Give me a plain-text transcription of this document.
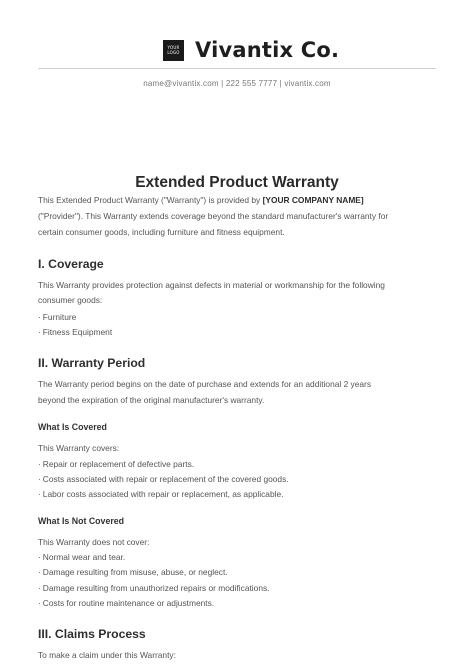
YOUR
LOGO Vivantix Co.
name@vivantix.com | 222 555 7777 | vivantix.com
Extended Product Warranty
This Extended Product Warranty ("Warranty") is provided by [YOUR COMPANY NAME]
("Provider"). This Warranty extends coverage beyond the standard manufacturer's warranty for
certain consumer goods, including furniture and fitness equipment.
I. Coverage
This Warranty provides protection against defects in material or workmanship for the following
consumer goods:
· Furniture
· Fitness Equipment
II. Warranty Period
The Warranty period begins on the date of purchase and extends for an additional 2 years
beyond the expiration of the original manufacturer's warranty.
What Is Covered
This Warranty covers:
· Repair or replacement of defective parts.
· Costs associated with repair or replacement of the covered goods.
· Labor costs associated with repair or replacement, as applicable.
What Is Not Covered
This Warranty does not cover:
· Normal wear and tear.
· Damage resulting from misuse, abuse, or neglect.
· Damage resulting from unauthorized repairs or modifications.
· Costs for routine maintenance or adjustments.
III. Claims Process
To make a claim under this Warranty:
